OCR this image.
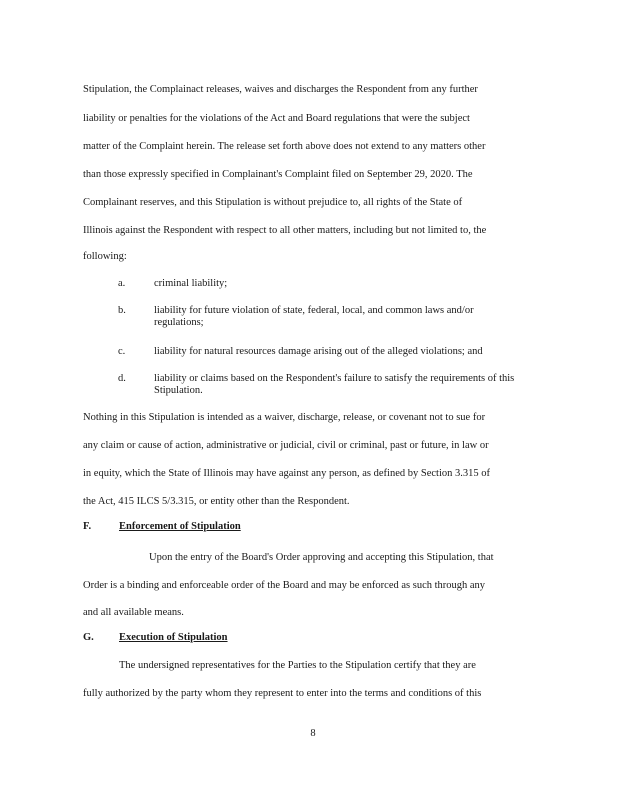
Stipulation, the Complainact releases, waives and discharges the Respondent from any further
liability or penalties for the violations of the Act and Board regulations that were the subject
matter of the Complaint herein. The release set forth above does not extend to any matters other
than those expressly specified in Complainant's Complaint filed on September 29, 2020. The
Complainant reserves, and this Stipulation is without prejudice to, all rights of the State of
Illinois against the Respondent with respect to all other matters, including but not limited to, the
following:
a.	criminal liability;
b.	liability for future violation of state, federal, local, and common laws and/or regulations;
c.	liability for natural resources damage arising out of the alleged violations; and
d.	liability or claims based on the Respondent's failure to satisfy the requirements of this Stipulation.
Nothing in this Stipulation is intended as a waiver, discharge, release, or covenant not to sue for
any claim or cause of action, administrative or judicial, civil or criminal, past or future, in law or
in equity, which the State of Illinois may have against any person, as defined by Section 3.315 of
the Act, 415 ILCS 5/3.315, or entity other than the Respondent.
F.	Enforcement of Stipulation
Upon the entry of the Board's Order approving and accepting this Stipulation, that
Order is a binding and enforceable order of the Board and may be enforced as such through any
and all available means.
G. Execution of Stipulation
The undersigned representatives for the Parties to the Stipulation certify that they are
fully authorized by the party whom they represent to enter into the terms and conditions of this
8
